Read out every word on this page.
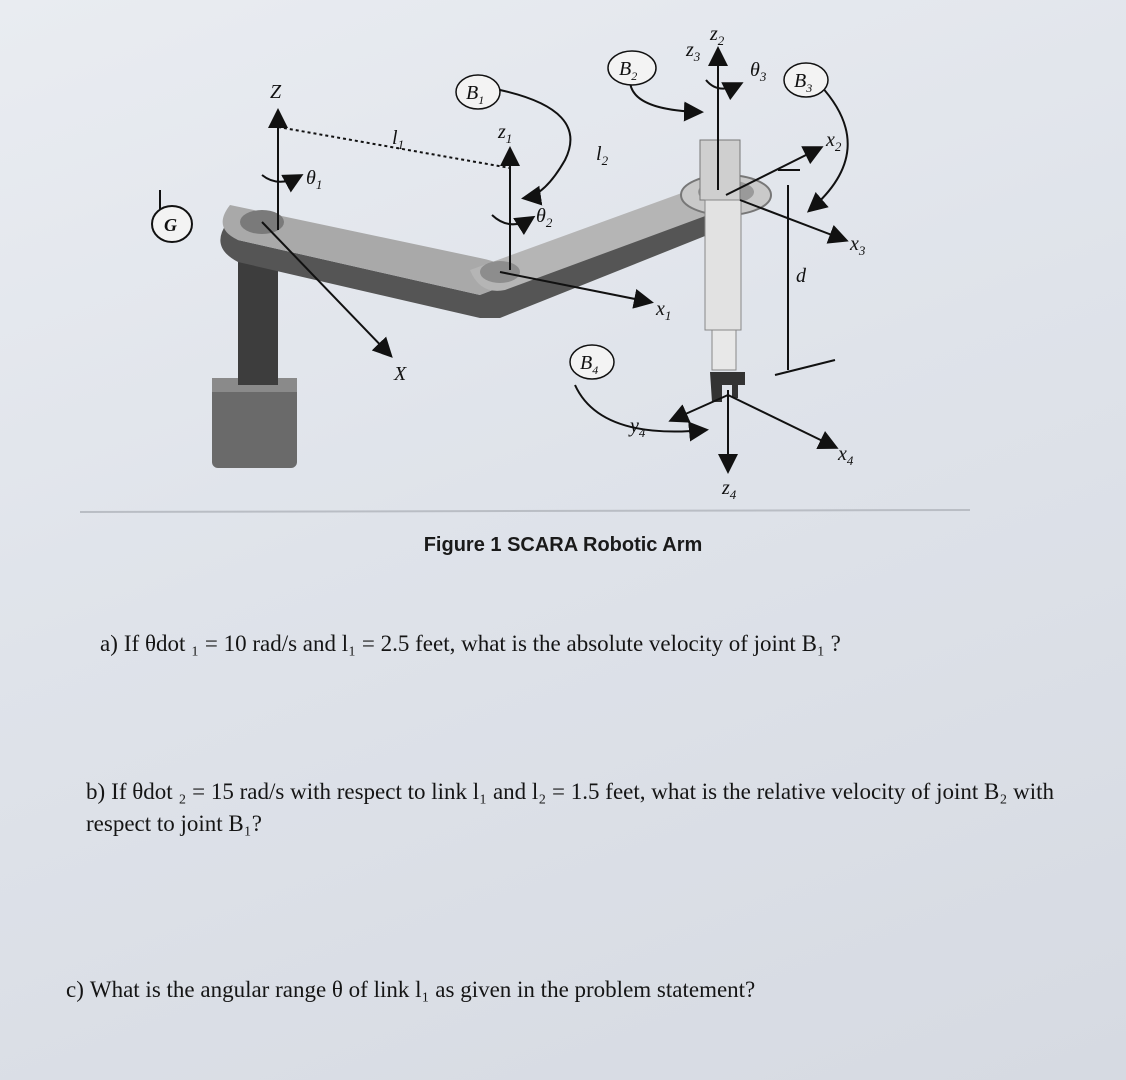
G
Z
X
$\theta_1$
$l_1$
$B_1$
$z_1$
$\theta_2$
$l_2$
$x_1$
$B_2$
$z_2$
$z_3$
$\theta_3$ $B_3$
$x_2$
$x_3$
d
$B_4$
$y_4$
$z_4$
$x_4$
Figure 1 SCARA Robotic Arm
a) If θdot ₁ = 10 rad/s and l₁ = 2.5 feet, what is the absolute velocity of joint B₁ ?
b) If θdot ₂ = 15 rad/s with respect to link l₁ and l₂ = 1.5 feet, what is the relative velocity of joint B₂ with respect to joint B₁?
c) What is the angular range θ of link l₁ as given in the problem statement?
